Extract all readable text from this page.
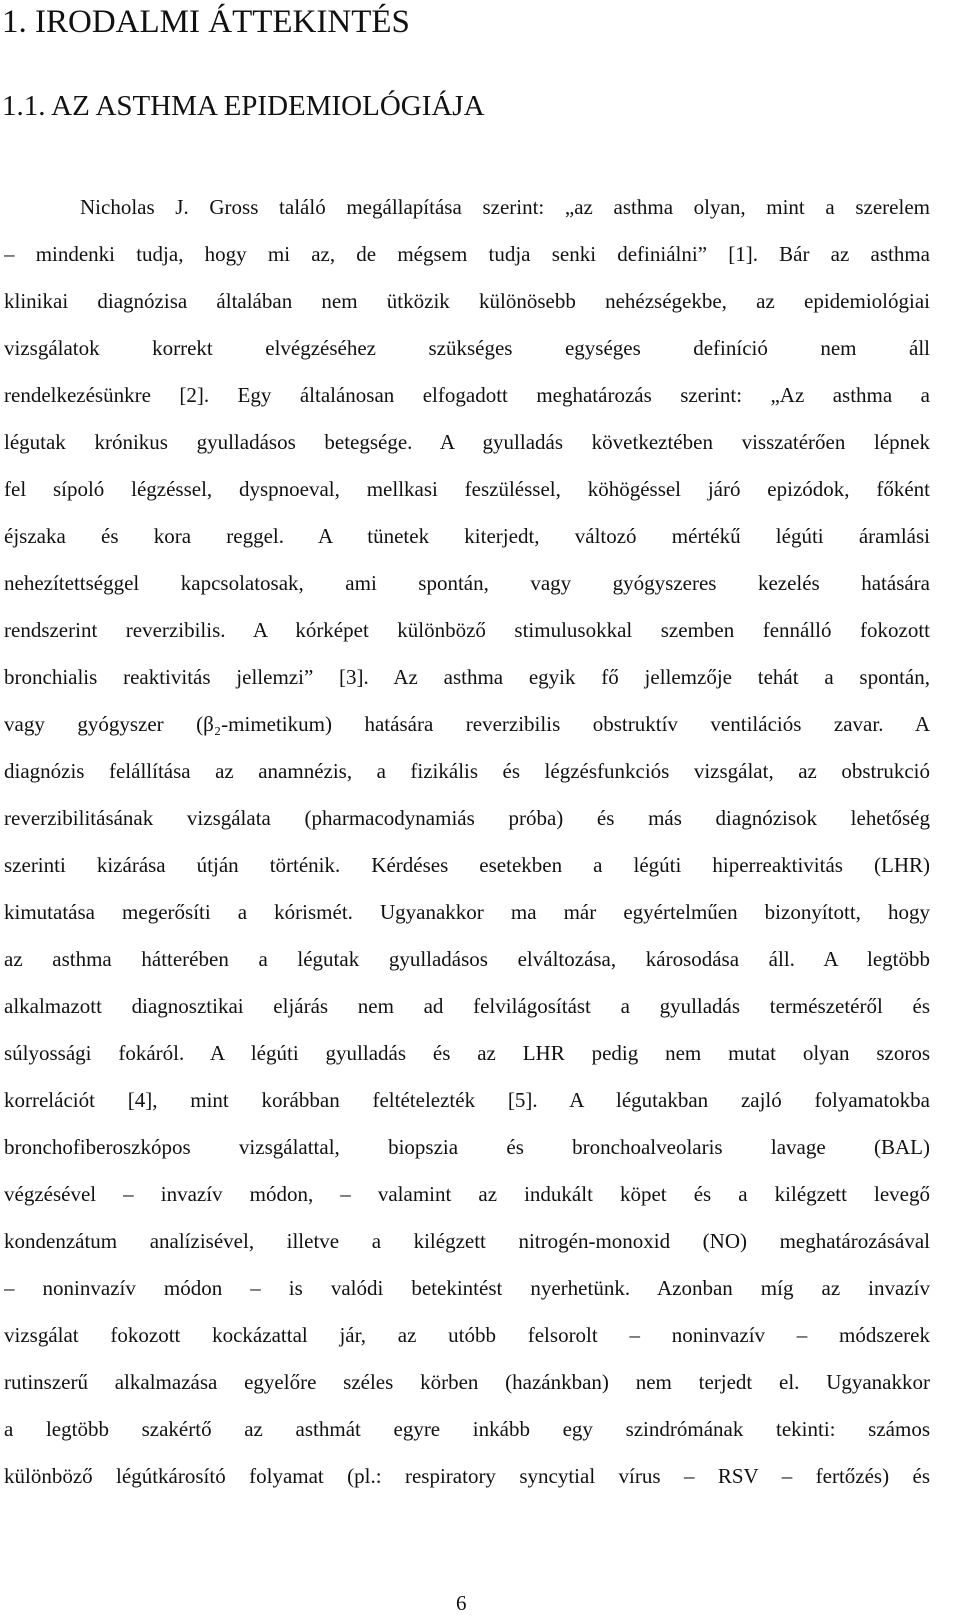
1. IRODALMI ÁTTEKINTÉS
1.1. AZ ASTHMA EPIDEMIOLÓGIÁJA
Nicholas J. Gross találó megállapítása szerint: „az asthma olyan, mint a szerelem
– mindenki tudja, hogy mi az, de mégsem tudja senki definiálni” [1]. Bár az asthma
klinikai diagnózisa általában nem ütközik különösebb nehézségekbe, az epidemiológiai
vizsgálatok korrekt elvégzéséhez szükséges egységes definíció nem áll
rendelkezésünkre [2]. Egy általánosan elfogadott meghatározás szerint: „Az asthma a
légutak krónikus gyulladásos betegsége. A gyulladás következtében visszatérően lépnek
fel sípoló légzéssel, dyspnoeval, mellkasi feszüléssel, köhögéssel járó epizódok, főként
éjszaka és kora reggel. A tünetek kiterjedt, változó mértékű légúti áramlási
nehezítettséggel kapcsolatosak, ami spontán, vagy gyógyszeres kezelés hatására
rendszerint reverzibilis. A kórképet különböző stimulusokkal szemben fennálló fokozott
bronchialis reaktivitás jellemzi” [3]. Az asthma egyik fő jellemzője tehát a spontán,
vagy gyógyszer (β₂-mimetikum) hatására reverzibilis obstruktív ventilációs zavar. A
diagnózis felállítása az anamnézis, a fizikális és légzésfunkciós vizsgálat, az obstrukció
reverzibilitásának vizsgálata (pharmacodynamiás próba) és más diagnózisok lehetőség
szerinti kizárása útján történik. Kérdéses esetekben a légúti hiperreaktivitás (LHR)
kimutatása megerősíti a kórismét. Ugyanakkor ma már egyértelműen bizonyított, hogy
az asthma hátterében a légutak gyulladásos elváltozása, károsodása áll. A legtöbb
alkalmazott diagnosztikai eljárás nem ad felvilágosítást a gyulladás természetéről és
súlyossági fokáról. A légúti gyulladás és az LHR pedig nem mutat olyan szoros
korrelációt [4], mint korábban feltételezték [5]. A légutakban zajló folyamatokba
bronchofiberoszkópos vizsgálattal, biopszia és bronchoalveolaris lavage (BAL)
végzésével – invazív módon, – valamint az indukált köpet és a kilégzett levegő
kondenzátum analízisével, illetve a kilégzett nitrogén-monoxid (NO) meghatározásával
– noninvazív módon – is valódi betekintést nyerhetünk. Azonban míg az invazív
vizsgálat fokozott kockázattal jár, az utóbb felsorolt – noninvazív – módszerek
rutinszerű alkalmazása egyelőre széles körben (hazánkban) nem terjedt el. Ugyanakkor
a legtöbb szakértő az asthmát egyre inkább egy szindrómának tekinti: számos
különböző légútkárosító folyamat (pl.: respiratory syncytial vírus – RSV – fertőzés) és
6
